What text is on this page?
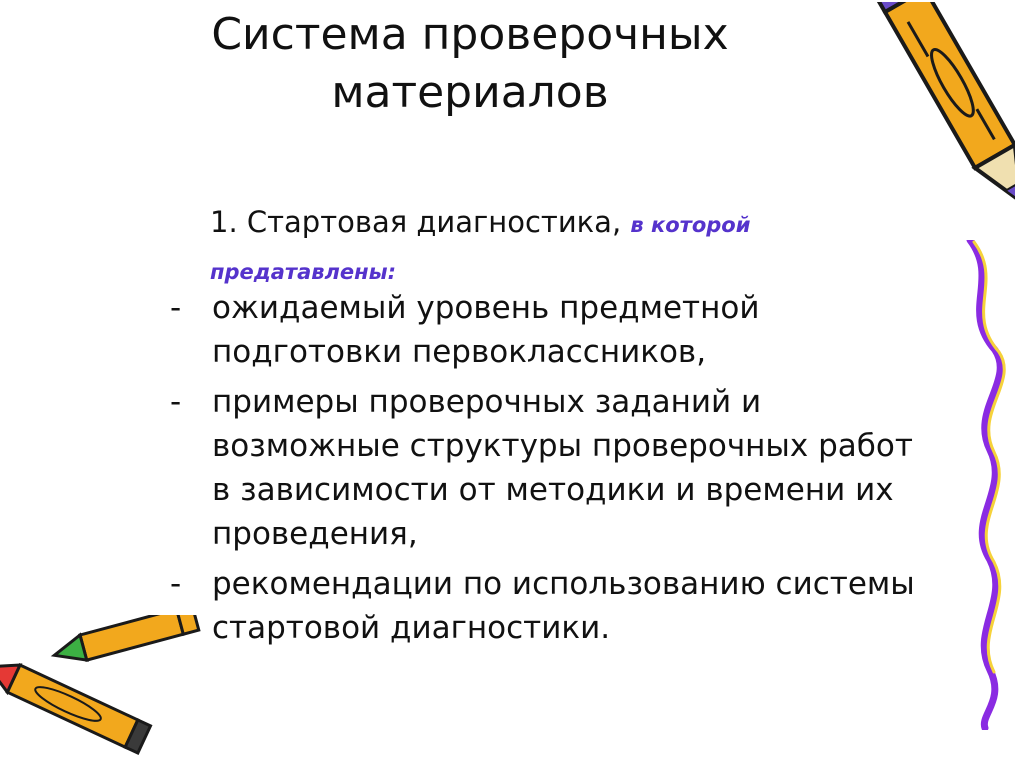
Система проверочных
материалов
1. Стартовая диагностика, в которой
предатавлены:
- ожидаемый уровень предметной подготовки первоклассников,
- примеры проверочных заданий и возможные структуры проверочных работ в зависимости от методики и времени их проведения,
- рекомендации по использованию системы стартовой диагностики.
